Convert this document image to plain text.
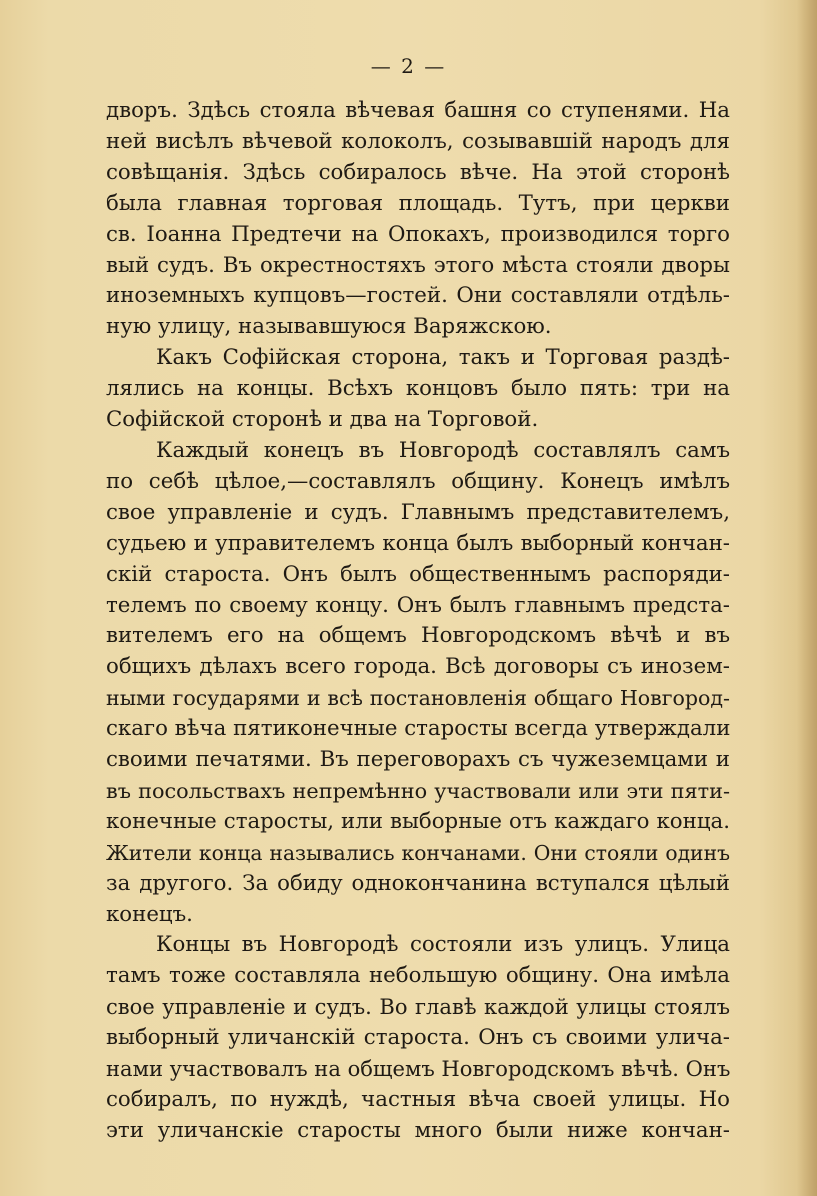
— 2 —
дворъ. Здѣсь стояла вѣчевая башня со ступенями. На
ней висѣлъ вѣчевой колоколъ, созывавшій народъ для
совѣщанія. Здѣсь собиралось вѣче. На этой сторонѣ
была главная торговая площадь. Тутъ, при церкви
св. Іоанна Предтечи на Опокахъ, производился торго
вый судъ. Въ окрестностяхъ этого мѣста стояли дворы
иноземныхъ купцовъ—гостей. Они составляли отдѣль-
ную улицу, называвшуюся Варяжскою.
Какъ Софійская сторона, такъ и Торговая раздѣ-
лялись на концы. Всѣхъ концовъ было пять: три на
Софійской сторонѣ и два на Торговой.
Каждый конецъ въ Новгородѣ составлялъ самъ
по себѣ цѣлое,—составлялъ общину. Конецъ имѣлъ
свое управленіе и судъ. Главнымъ представителемъ,
судьею и управителемъ конца былъ выборный кончан-
скій староста. Онъ былъ общественнымъ распоряди-
телемъ по своему концу. Онъ былъ главнымъ предста-
вителемъ его на общемъ Новгородскомъ вѣчѣ и въ
общихъ дѣлахъ всего города. Всѣ договоры съ инозем-
ными государями и всѣ постановленія общаго Новгород-
скаго вѣча пятиконечные старосты всегда утверждали
своими печатями. Въ переговорахъ съ чужеземцами и
въ посольствахъ непремѣнно участвовали или эти пяти-
конечные старосты, или выборные отъ каждаго конца.
Жители конца назывались кончанами. Они стояли одинъ
за другого. За обиду однокончанина вступался цѣлый
конецъ.
Концы въ Новгородѣ состояли изъ улицъ. Улица
тамъ тоже составляла небольшую общину. Она имѣла
свое управленіе и судъ. Во главѣ каждой улицы стоялъ
выборный уличанскій староста. Онъ съ своими улича-
нами участвовалъ на общемъ Новгородскомъ вѣчѣ. Онъ
собиралъ, по нуждѣ, частныя вѣча своей улицы. Но
эти уличанскіе старосты много были ниже кончан-
